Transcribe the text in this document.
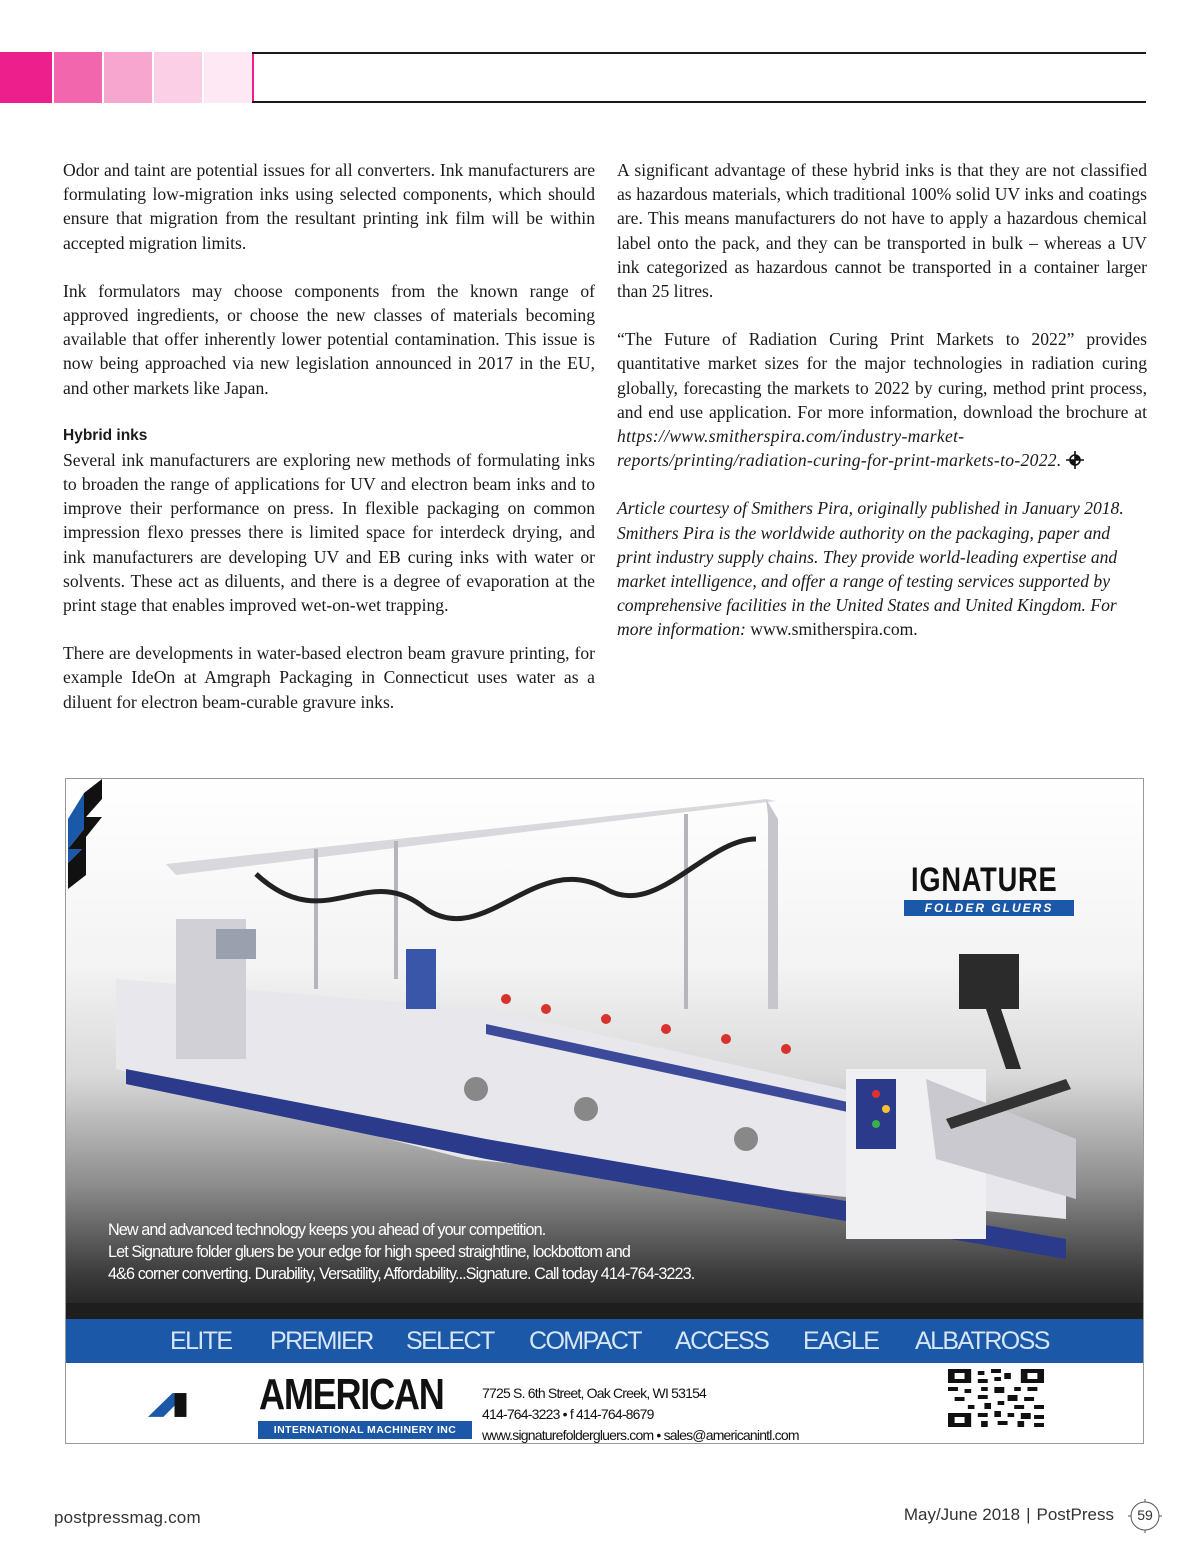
Odor and taint are potential issues for all converters. Ink manufacturers are formulating low-migration inks using selected components, which should ensure that migration from the resultant printing ink film will be within accepted migration limits.

Ink formulators may choose components from the known range of approved ingredients, or choose the new classes of materials becoming available that offer inherently lower potential contamination. This issue is now being approached via new legislation announced in 2017 in the EU, and other markets like Japan.

Hybrid inks

Several ink manufacturers are exploring new methods of formulating inks to broaden the range of applications for UV and electron beam inks and to improve their performance on press. In flexible packaging on common impression flexo presses there is limited space for interdeck drying, and ink manufacturers are developing UV and EB curing inks with water or solvents. These act as diluents, and there is a degree of evaporation at the print stage that enables improved wet-on-wet trapping.

There are developments in water-based electron beam gravure printing, for example IdeOn at Amgraph Packaging in Connecticut uses water as a diluent for electron beam-curable gravure inks.

A significant advantage of these hybrid inks is that they are not classified as hazardous materials, which traditional 100% solid UV inks and coatings are. This means manufacturers do not have to apply a hazardous chemical label onto the pack, and they can be transported in bulk – whereas a UV ink categorized as hazardous cannot be transported in a container larger than 25 litres.

“The Future of Radiation Curing Print Markets to 2022” provides quantitative market sizes for the major technologies in radiation curing globally, forecasting the markets to 2022 by curing, method print process, and end use application. For more information, download the brochure at https://www.smitherspira.com/industry-market-reports/printing/radiation-curing-for-print-markets-to-2022.

Article courtesy of Smithers Pira, originally published in January 2018. Smithers Pira is the worldwide authority on the packaging, paper and print industry supply chains. They provide world-leading expertise and market intelligence, and offer a range of testing services supported by comprehensive facilities in the United States and United Kingdom. For more information: www.smitherspira.com.

IGNATURE
FOLDER GLUERS
New and advanced technology keeps you ahead of your competition.
Let Signature folder gluers be your edge for high speed straightline, lockbottom and
4&6 corner converting. Durability, Versatility, Affordability...Signature. Call today 414-764-3223.
ELITE PREMIER SELECT COMPACT ACCESS EAGLE ALBATROSS
AMERICAN
INTERNATIONAL MACHINERY INC
7725 S. 6th Street, Oak Creek, WI 53154
414-764-3223 • f 414-764-8679
www.signaturefoldergluers.com • sales@americanintl.com
postpressmag.com	May/June 2018 | PostPress	59
